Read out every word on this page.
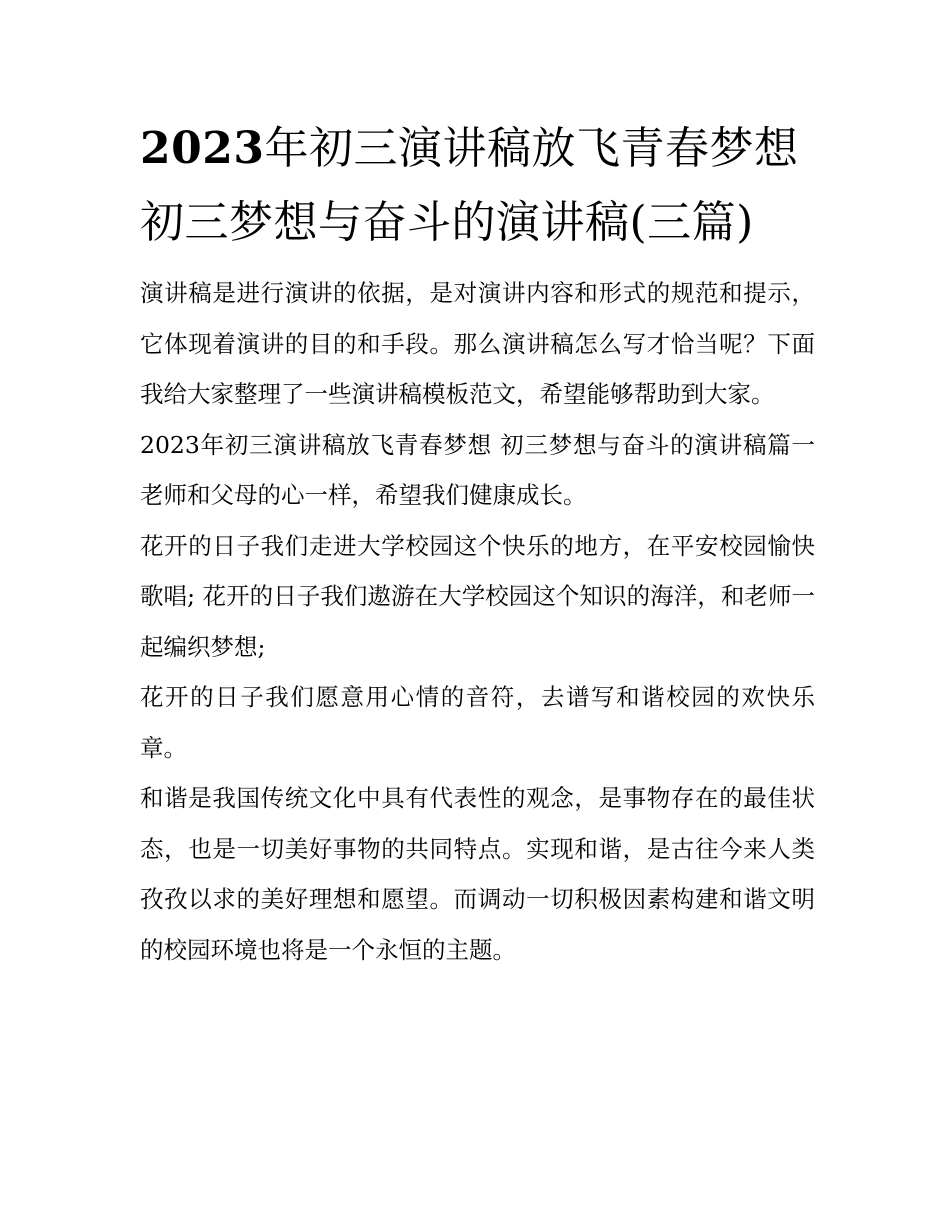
2023年初三演讲稿放飞青春梦想 初三梦想与奋斗的演讲稿(三篇)

演讲稿是进行演讲的依据，是对演讲内容和形式的规范和提示，它体现着演讲的目的和手段。那么演讲稿怎么写才恰当呢？下面我给大家整理了一些演讲稿模板范文，希望能够帮助到大家。

2023年初三演讲稿放飞青春梦想 初三梦想与奋斗的演讲稿篇一 老师和父母的心一样，希望我们健康成长。

花开的日子我们走进大学校园这个快乐的地方，在平安校园愉快歌唱; 花开的日子我们遨游在大学校园这个知识的海洋，和老师一起编织梦想;

花开的日子我们愿意用心情的音符，去谱写和谐校园的欢快乐章。

和谐是我国传统文化中具有代表性的观念，是事物存在的最佳状态，也是一切美好事物的共同特点。实现和谐，是古往今来人类孜孜以求的美好理想和愿望。而调动一切积极因素构建和谐文明的校园环境也将是一个永恒的主题。
